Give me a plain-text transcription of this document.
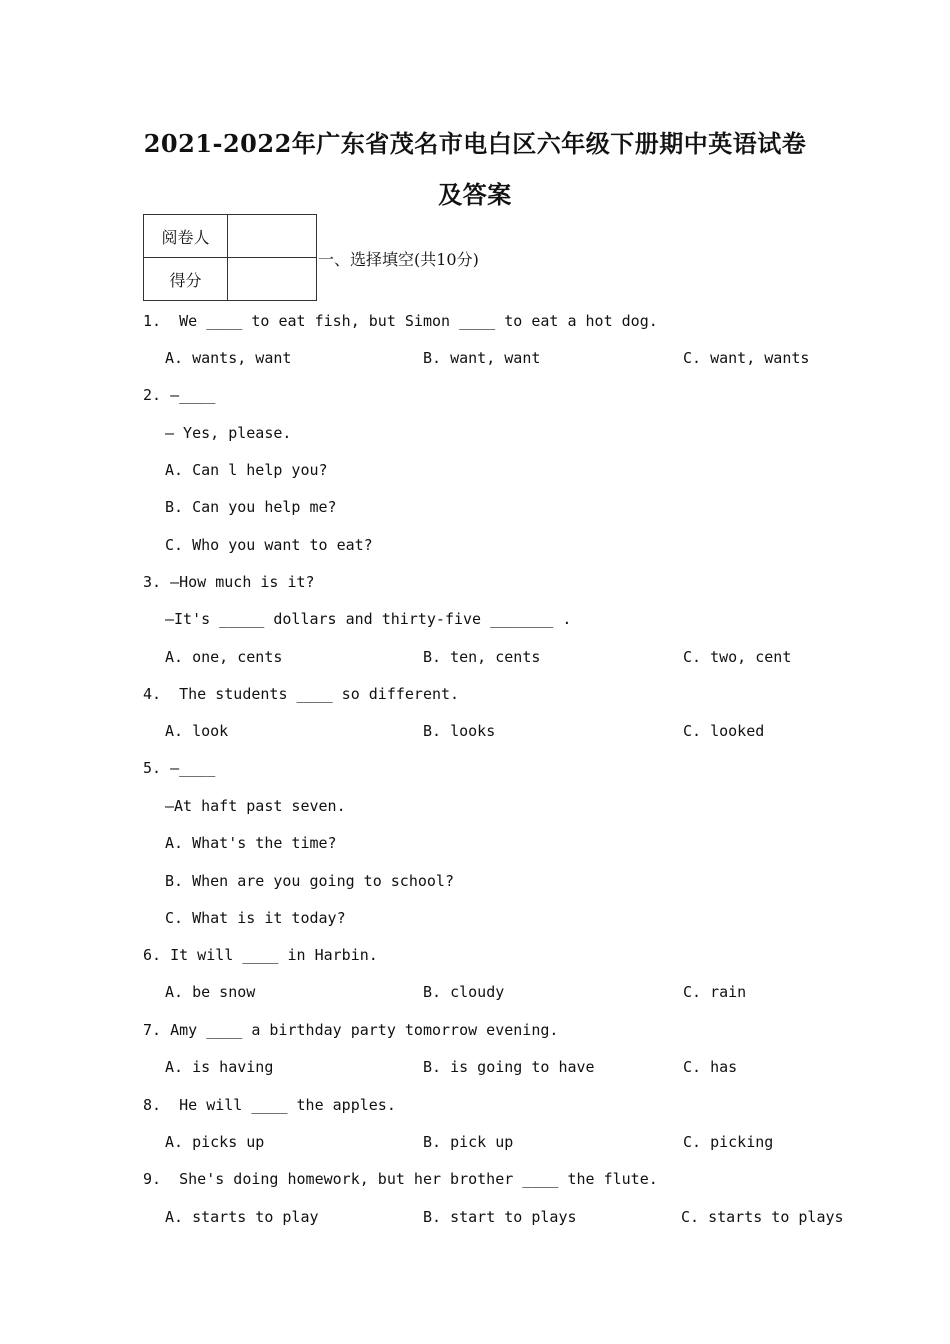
2021-2022年广东省茂名市电白区六年级下册期中英语试卷
及答案
阅卷人	
得分	
一、选择填空(共10分)
1.  We ____ to eat fish, but Simon ____ to eat a hot dog.
A. wants, want	B. want, want	C. want, wants
2. —____
— Yes, please.
A. Can l help you?
B. Can you help me?
C. Who you want to eat?
3. —How much is it?
—It's _____ dollars and thirty-five _______ .
A. one, cents	B. ten, cents	C. two, cent
4.  The students ____ so different.
A. look	B. looks	C. looked
5. —____
—At haft past seven.
A. What's the time?
B. When are you going to school?
C. What is it today?
6. It will ____ in Harbin.
A. be snow	B. cloudy	C. rain
7. Amy ____ a birthday party tomorrow evening.
A. is having	B. is going to have	C. has
8.  He will ____ the apples.
A. picks up	B. pick up	C. picking
9.  She's doing homework, but her brother ____ the flute.
A. starts to play	B. start to plays	C. starts to plays
